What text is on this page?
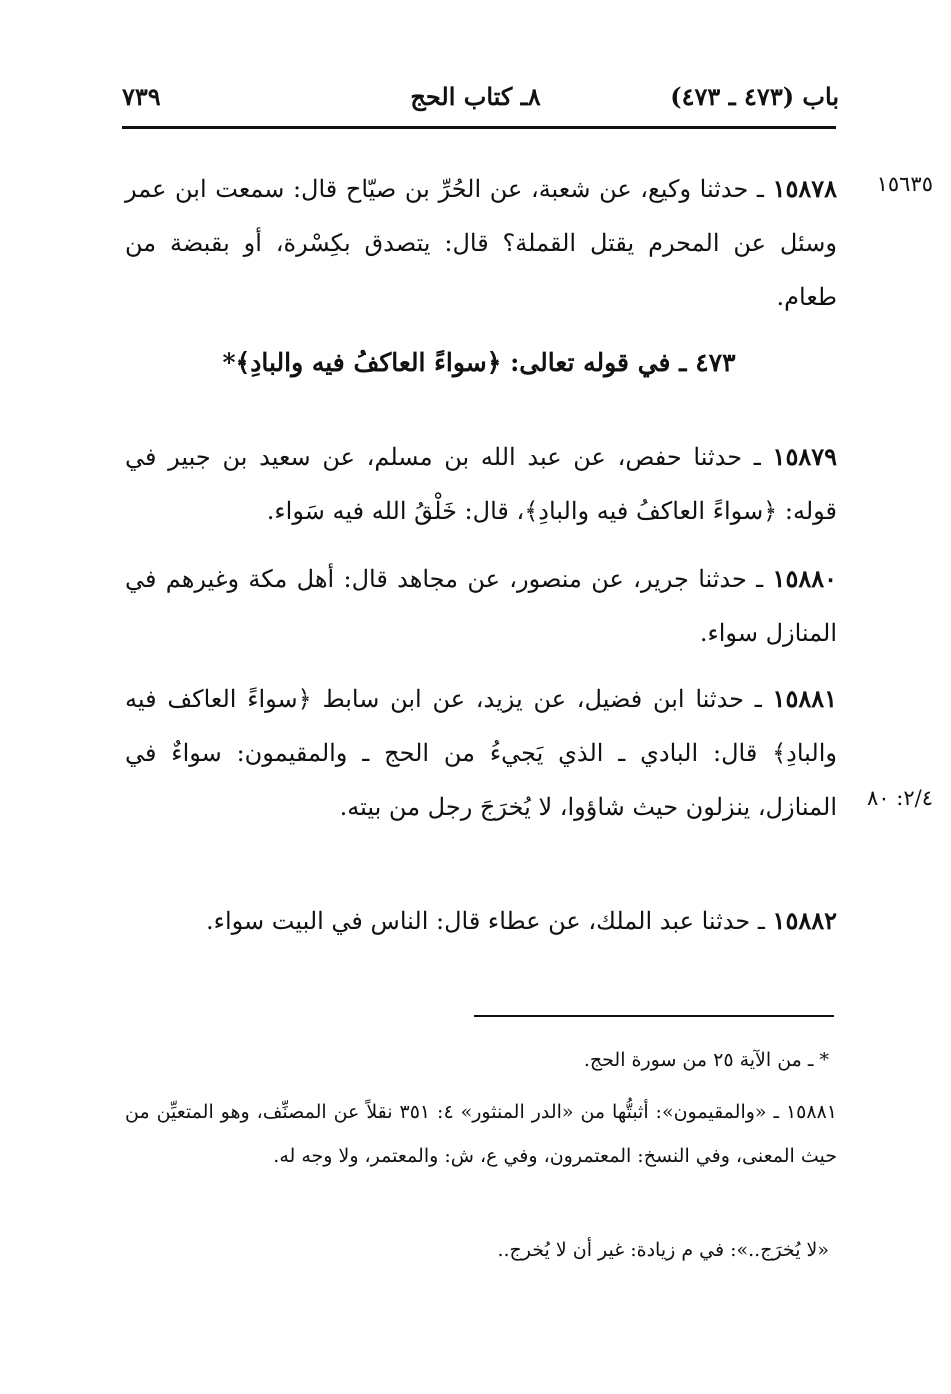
باب (٤٧٣ ـ ٤٧٣)
٨ـ كتاب الحج
٧٣٩
١٥٦٣٥
٢/٤: ٨٠
١٥٨٧٨ ـ حدثنا وكيع، عن شعبة، عن الحُرِّ بن صيّاح قال: سمعت ابن عمر وسئل عن المحرم يقتل القملة؟ قال: يتصدق بكِسْرة، أو بقبضة من طعام.
٤٧٣ ـ في قوله تعالى: ﴿سواءً العاكفُ فيه والبادِ﴾*
١٥٨٧٩ ـ حدثنا حفص، عن عبد الله بن مسلم، عن سعيد بن جبير في قوله: ﴿سواءً العاكفُ فيه والبادِ﴾، قال: خَلْقُ الله فيه سَواء.
١٥٨٨٠ ـ حدثنا جرير، عن منصور، عن مجاهد قال: أهل مكة وغيرهم في المنازل سواء.
١٥٨٨١ ـ حدثنا ابن فضيل، عن يزيد، عن ابن سابط ﴿سواءً العاكف فيه والبادِ﴾ قال: البادي ـ الذي يَجيءُ من الحج ـ والمقيمون: سواءٌ في المنازل، ينزلون حيث شاؤوا، لا يُخرَجَ رجل من بيته.
١٥٨٨٢ ـ حدثنا عبد الملك، عن عطاء قال: الناس في البيت سواء.
* ـ من الآية ٢٥ من سورة الحج.
١٥٨٨١ ـ «والمقيمون»: أثبتُّها من «الدر المنثور» ٤: ٣٥١ نقلاً عن المصنِّف، وهو المتعيِّن من حيث المعنى، وفي النسخ: المعتمرون، وفي ع، ش: والمعتمر، ولا وجه له.
«لا يُخرَج..»: في م زيادة: غير أن لا يُخرج..
